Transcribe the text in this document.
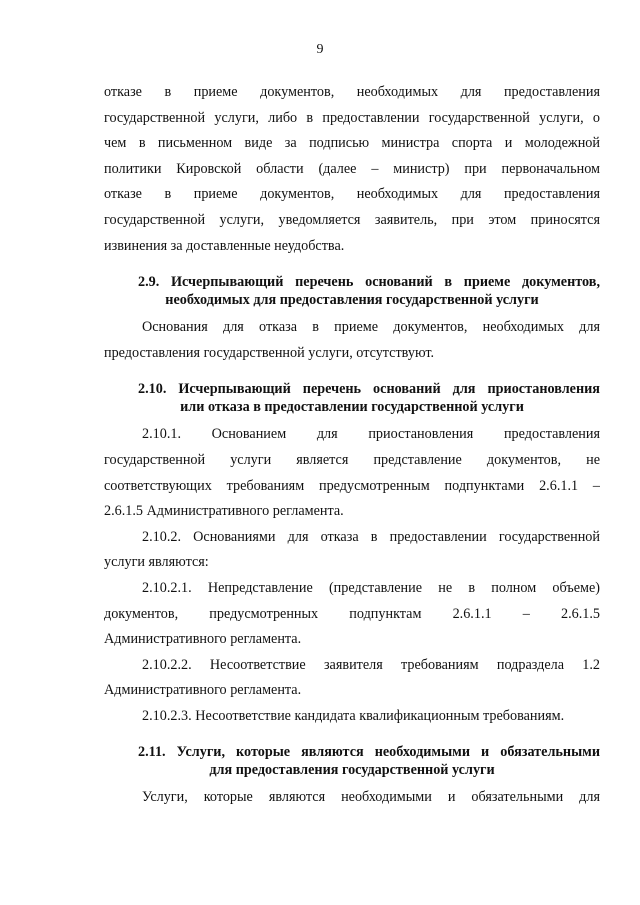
9
отказе в приеме документов, необходимых для предоставления
государственной услуги, либо в предоставлении государственной услуги, о
чем в письменном виде за подписью министра спорта и молодежной
политики Кировской области (далее – министр) при первоначальном
отказе в приеме документов, необходимых для предоставления
государственной услуги, уведомляется заявитель, при этом приносятся
извинения за доставленные неудобства.
2.9. Исчерпывающий перечень оснований в приеме документов,
необходимых для предоставления государственной услуги
Основания для отказа в приеме документов, необходимых для
предоставления государственной услуги, отсутствуют.
2.10. Исчерпывающий перечень оснований для приостановления
или отказа в предоставлении государственной услуги
2.10.1. Основанием для приостановления предоставления
государственной услуги является представление документов, не
соответствующих требованиям предусмотренным подпунктами 2.6.1.1 –
2.6.1.5 Административного регламента.
2.10.2. Основаниями для отказа в предоставлении государственной
услуги являются:
2.10.2.1. Непредставление (представление не в полном объеме)
документов, предусмотренных подпунктам 2.6.1.1 – 2.6.1.5
Административного регламента.
2.10.2.2. Несоответствие заявителя требованиям подраздела 1.2
Административного регламента.
2.10.2.3. Несоответствие кандидата квалификационным требованиям.
2.11. Услуги, которые являются необходимыми и обязательными
для предоставления государственной услуги
Услуги, которые являются необходимыми и обязательными для
